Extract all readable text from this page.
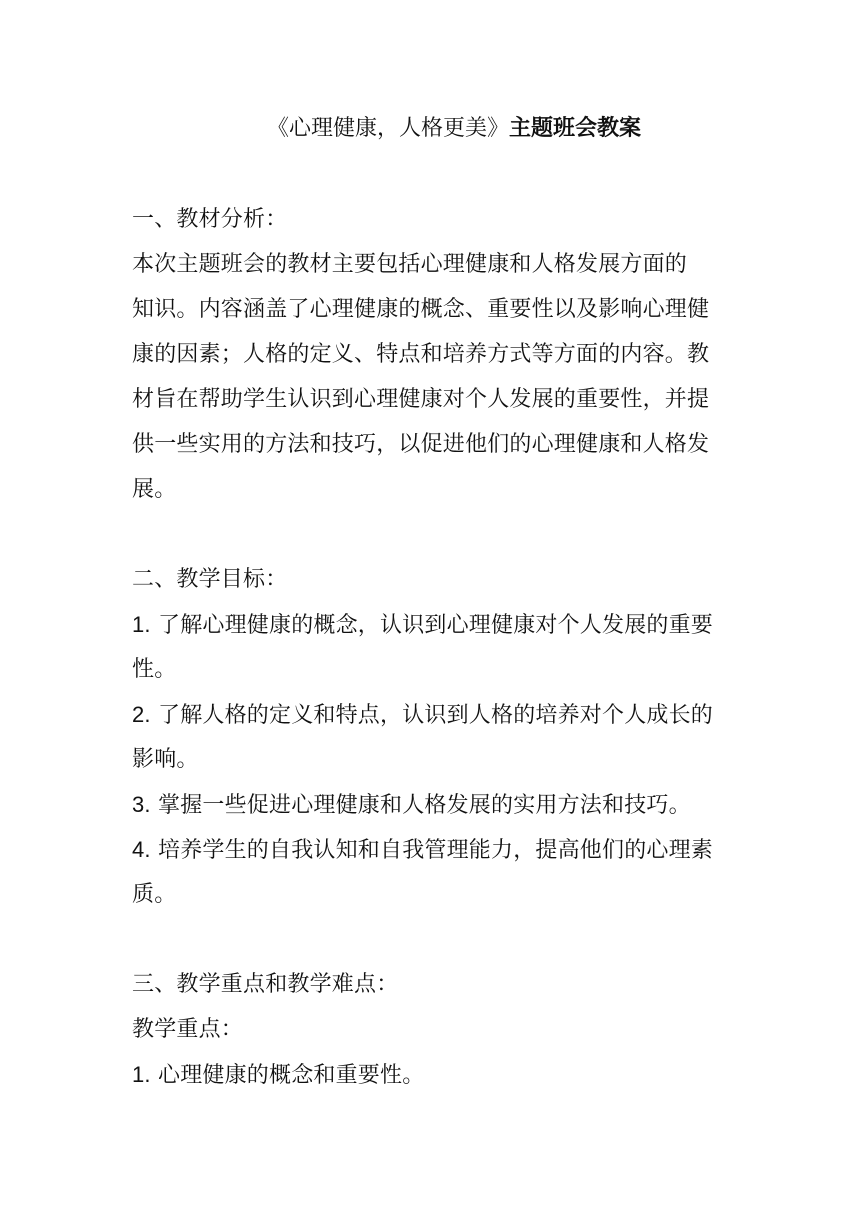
《心理健康，人格更美》主题班会教案
一、教材分析：
本次主题班会的教材主要包括心理健康和人格发展方面的
知识。内容涵盖了心理健康的概念、重要性以及影响心理健
康的因素；人格的定义、特点和培养方式等方面的内容。教
材旨在帮助学生认识到心理健康对个人发展的重要性，并提
供一些实用的方法和技巧，以促进他们的心理健康和人格发
展。
二、教学目标：
1. 了解心理健康的概念，认识到心理健康对个人发展的重要
性。
2. 了解人格的定义和特点，认识到人格的培养对个人成长的
影响。
3. 掌握一些促进心理健康和人格发展的实用方法和技巧。
4. 培养学生的自我认知和自我管理能力，提高他们的心理素
质。
三、教学重点和教学难点：
教学重点：
1. 心理健康的概念和重要性。
